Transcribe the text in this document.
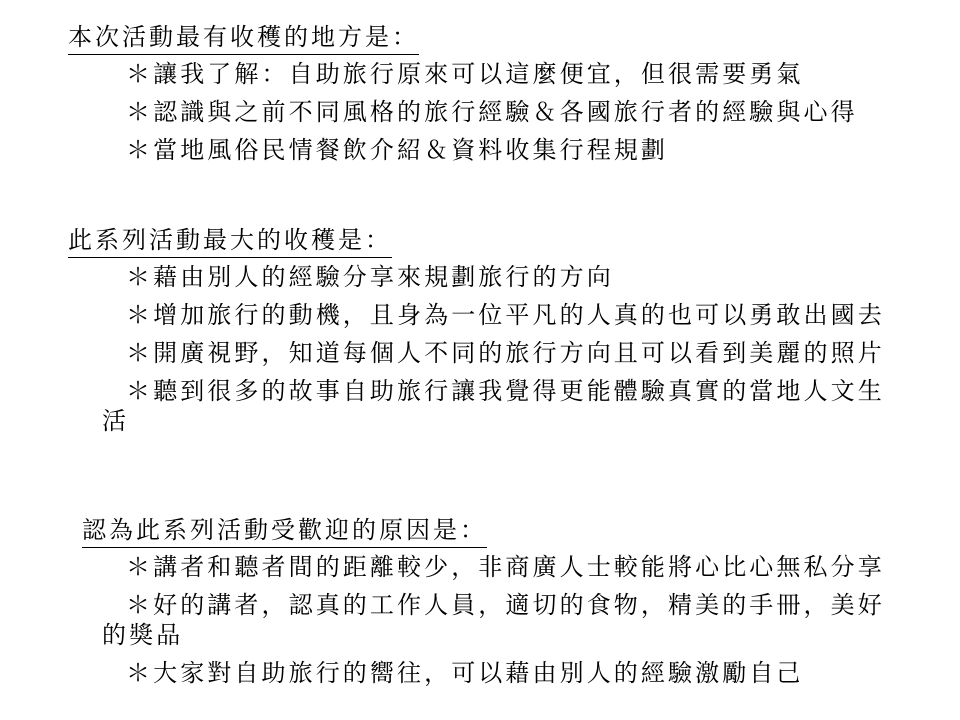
本次活動最有收穫的地方是：
＊讓我了解：自助旅行原來可以這麼便宜，但很需要勇氣
＊認識與之前不同風格的旅行經驗＆各國旅行者的經驗與心得
＊當地風俗民情餐飲介紹＆資料收集行程規劃
此系列活動最大的收穫是：
＊藉由別人的經驗分享來規劃旅行的方向
＊增加旅行的動機，且身為一位平凡的人真的也可以勇敢出國去
＊開廣視野，知道每個人不同的旅行方向且可以看到美麗的照片
＊聽到很多的故事自助旅行讓我覺得更能體驗真實的當地人文生活
認為此系列活動受歡迎的原因是：
＊講者和聽者間的距離較少，非商廣人士較能將心比心無私分享
＊好的講者，認真的工作人員，適切的食物，精美的手冊，美好的獎品
＊大家對自助旅行的嚮往，可以藉由別人的經驗激勵自己
